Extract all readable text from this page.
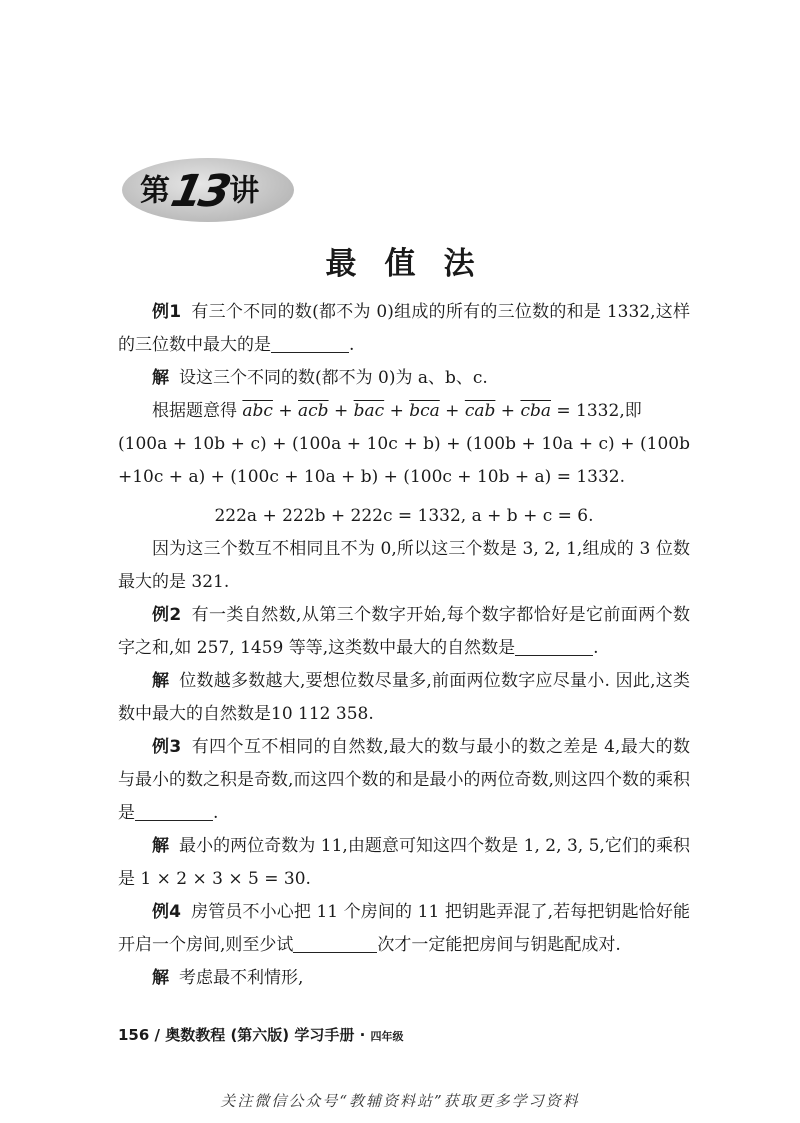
第13讲
最值法

例1 有三个不同的数(都不为 0)组成的所有的三位数的和是 1332,这样的三位数中最大的是	.

解 设这三个不同的数(都不为 0)为 a、b、c.

根据题意得 $\overline{abc} + \overline{acb} + \overline{bac} + \overline{bca} + \overline{cab} + \overline{cba} = 1332$,即

(100a + 10b + c) + (100a + 10c + b) + (100b + 10a + c) + (100b +10c + a) + (100c + 10a + b) + (100c + 10b + a) = 1332.

222a + 222b + 222c = 1332, a + b + c = 6.

因为这三个数互不相同且不为 0,所以这三个数是 3, 2, 1,组成的 3 位数最大的是 321.

例2 有一类自然数,从第三个数字开始,每个数字都恰好是它前面两个数字之和,如 257, 1459 等等,这类数中最大的自然数是	.

解 位数越多数越大,要想位数尽量多,前面两位数字应尽量小. 因此,这类数中最大的自然数是10 112 358.

例3 有四个互不相同的自然数,最大的数与最小的数之差是 4,最大的数与最小的数之积是奇数,而这四个数的和是最小的两位奇数,则这四个数的乘积是	.

解 最小的两位奇数为 11,由题意可知这四个数是 1, 2, 3, 5,它们的乘积是 1 × 2 × 3 × 5 = 30.

例4 房管员不小心把 11 个房间的 11 把钥匙弄混了,若每把钥匙恰好能开启一个房间,则至少试	次才一定能把房间与钥匙配成对.

解 考虑最不利情形,

156 / 奥数教程 (第六版) 学习手册 · 四年级
关注微信公众号“教辅资料站”获取更多学习资料
